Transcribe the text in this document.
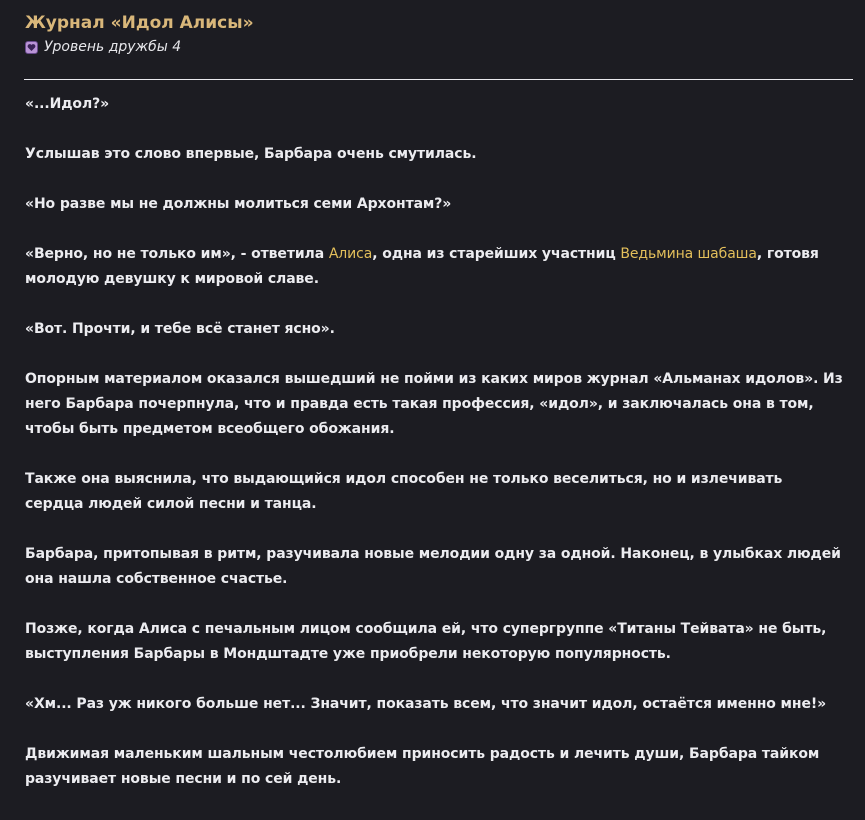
Журнал «Идол Алисы»
Уровень дружбы 4

«...Идол?»

Услышав это слово впервые, Барбара очень смутилась.

«Но разве мы не должны молиться семи Архонтам?»

«Верно, но не только им», - ответила Алиса, одна из старейших участниц Ведьмина шабаша, готовя молодую девушку к мировой славе.

«Вот. Прочти, и тебе всё станет ясно».

Опорным материалом оказался вышедший не пойми из каких миров журнал «Альманах идолов». Из него Барбара почерпнула, что и правда есть такая профессия, «идол», и заключалась она в том, чтобы быть предметом всеобщего обожания.

Также она выяснила, что выдающийся идол способен не только веселиться, но и излечивать сердца людей силой песни и танца.

Барбара, притопывая в ритм, разучивала новые мелодии одну за одной. Наконец, в улыбках людей она нашла собственное счастье.

Позже, когда Алиса с печальным лицом сообщила ей, что супергруппе «Титаны Тейвата» не быть, выступления Барбары в Мондштадте уже приобрели некоторую популярность.

«Хм... Раз уж никого больше нет... Значит, показать всем, что значит идол, остаётся именно мне!»

Движимая маленьким шальным честолюбием приносить радость и лечить души, Барбара тайком разучивает новые песни и по сей день.
